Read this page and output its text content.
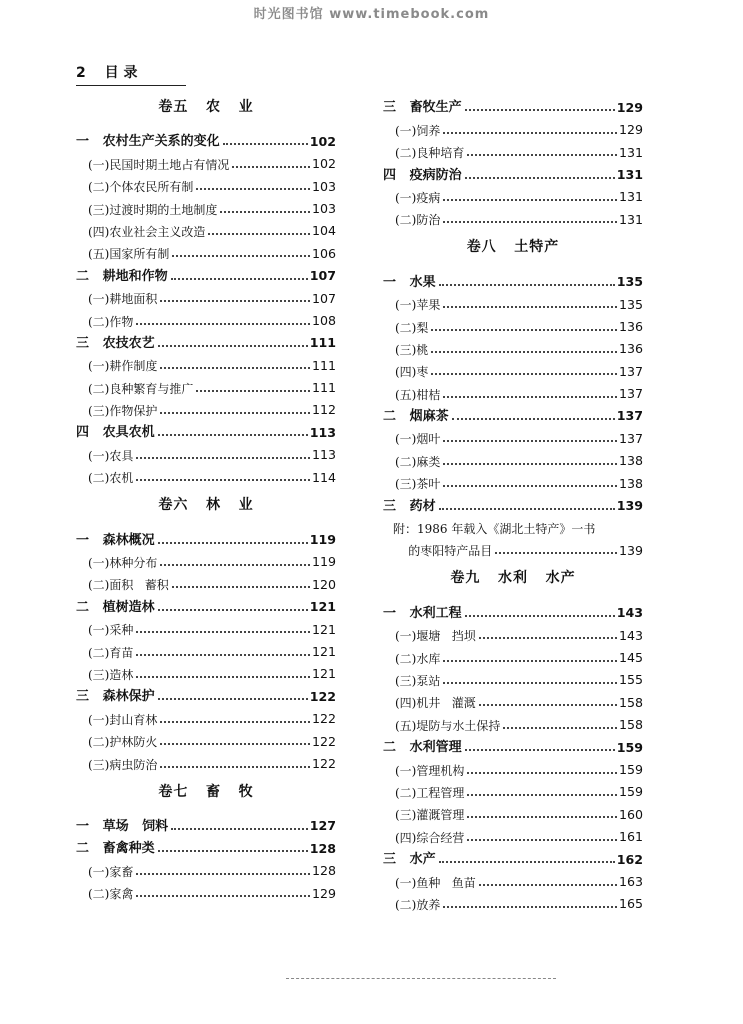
时光图书馆 www.timebook.com
2 目 录
卷五   农   业
一   农村生产关系的变化	102
(一)民国时期土地占有情况	102
(二)个体农民所有制	103
(三)过渡时期的土地制度	103
(四)农业社会主义改造	104
(五)国家所有制	106
二   耕地和作物	107
(一)耕地面积	107
(二)作物	108
三   农技农艺	111
(一)耕作制度	111
(二)良种繁育与推广	111
(三)作物保护	112
四   农具农机	113
(一)农具	113
(二)农机	114
卷六   林   业
一   森林概况	119
(一)林种分布	119
(二)面积   蓄积	120
二   植树造林	121
(一)采种	121
(二)育苗	121
(三)造林	121
三   森林保护	122
(一)封山育林	122
(二)护林防火	122
(三)病虫防治	122
卷七   畜   牧
一   草场   饲料	127
二   畜禽种类	128
(一)家畜	128
(二)家禽	129
三   畜牧生产	129
(一)饲养	129
(二)良种培育	131
四   疫病防治	131
(一)疫病	131
(二)防治	131
卷八   土特产
一   水果	135
(一)苹果	135
(二)梨	136
(三)桃	136
(四)枣	137
(五)柑桔	137
二   烟麻茶	137
(一)烟叶	137
(二)麻类	138
(三)茶叶	138
三   药材	139
附：1986 年载入《湖北土特产》一书
的枣阳特产品目	139
卷九   水利   水产
一   水利工程	143
(一)堰塘   挡坝	143
(二)水库	145
(三)泵站	155
(四)机井   灌溉	158
(五)堤防与水土保持	158
二   水利管理	159
(一)管理机构	159
(二)工程管理	159
(三)灌溉管理	160
(四)综合经营	161
三   水产	162
(一)鱼种   鱼苗	163
(二)放养	165
